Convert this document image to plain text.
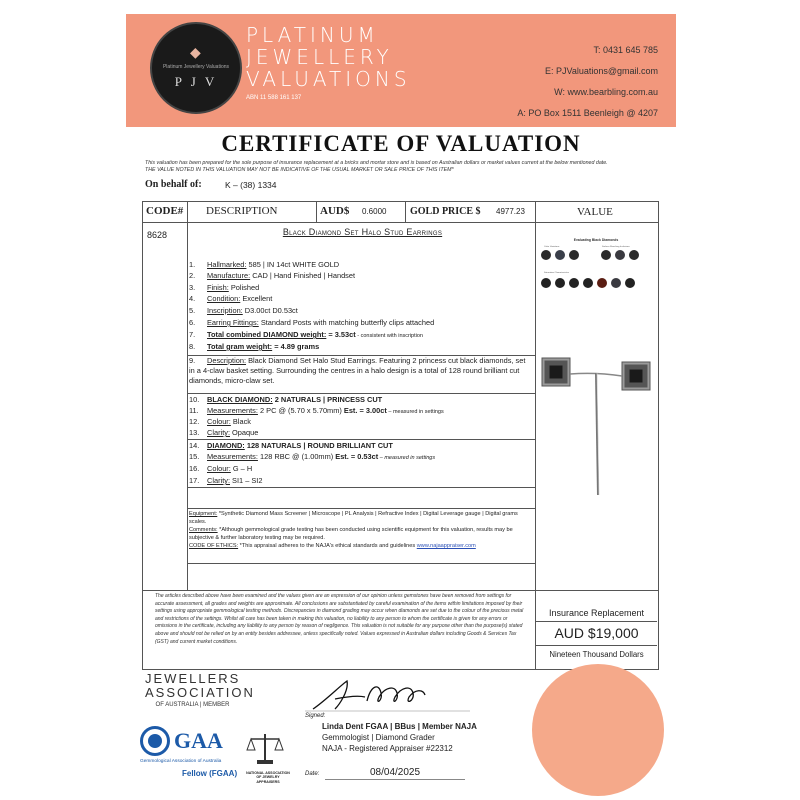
◆
Platinum Jewellery Valuations
P J V
PLATINUM
JEWELLERY
VALUATIONS
ABN 11 588 161 137
T: 0431 645 785
E: PJValuations@gmail.com
W: www.bearbling.com.au
A: PO Box 1511 Beenleigh @ 4207
CERTIFICATE OF VALUATION
This valuation has been prepared for the sole purpose of insurance replacement at a bricks and mortar store and is based on Australian dollars or market values current at the below mentioned date.
THE VALUE NOTED IN THIS VALUATION MAY NOT BE INDICATIVE OF THE USUAL MARKET OR SALE PRICE OF THIS ITEM*
On behalf of:	K – (38) 1334
CODE# DESCRIPTION	AUD$ 0.6000 GOLD PRICE $ 4977.23	VALUE
8628	Black Diamond Set Halo Stud Earrings
1. Hallmarked: 585 | IN 14ct WHITE GOLD
2. Manufacture: CAD | Hand Finished | Handset
3. Finish: Polished
4. Condition: Excellent
5. Inscription: D3.00ct D0.53ct
6. Earring Fittings: Standard Posts with matching butterfly clips attached
7. Total combined DIAMOND weight: = 3.53ct - consistent with inscription
8. Total gram weight: = 4.89 grams
9. Description: Black Diamond Set Halo Stud Earrings. Featuring 2 princess cut black diamonds, set in a 4-claw basket setting. Surrounding the centres in a halo design is a total of 128 round brilliant cut diamonds, micro-claw set.
10. BLACK DIAMOND: 2 NATURALS | PRINCESS CUT
11. Measurements: 2 PC @ (5.70 x 5.70mm) Est. = 3.00ct – measured in settings
12. Colour: Black
13. Clarity: Opaque
14. DIAMOND: 128 NATURALS | ROUND BRILLIANT CUT
15. Measurements: 128 RBC @ (1.00mm) Est. = 0.53ct – measured in settings
16. Colour: G – H
17. Clarity: SI1 – SI2
Equipment: *Synthetic Diamond Mass Screener | Microscope | PL Analysis | Refractive Index | Digital Leverage gauge | Digital grams scales.
Comments: *Although gemmological grade testing has been conducted using scientific equipment for this valuation, results may be subjective & further laboratory testing may be required.
CODE OF ETHICS: *This appraisal adheres to the NAJA's ethical standards and guidelines www.najaappraiser.com
Evaluating Black Diamonds
Color Variations	Surface Reaching Inclusions
Saturation Characteristics
The articles described above have been examined and the values given are an expression of our opinion unless gemstones have been removed from settings for accurate assessment, all grades and weights are approximate. All conclusions are substantiated by careful examination of the items within limitations imposed by their settings using appropriate gemmological testing methods. Discrepancies in diamond grading may occur when diamonds are set due to the colour of the precious metal and restrictions of the settings. Whilst all care has been taken in making this valuation, no liability to any person to whom the certificate is given for any errors or omissions in the certificate, including any liability to any person by reason of negligence. This valuation is not suitable for any purpose other than the purpose(s) stated above and should not be relied on by an entity besides addressee, unless specifically noted. Values expressed in Australian dollars including Goods & Services Tax (GST) and current market conditions.
Insurance Replacement
AUD $19,000
Nineteen Thousand Dollars
JEWELLERS
ASSOCIATION
OF AUSTRALIA | MEMBER
GAA
Gemmological Association of Australia
Fellow (FGAA)	NATIONAL ASSOCIATION OF JEWELRY APPRAISERS
Signed:
Linda Dent FGAA | BBus | Member NAJA
Gemmologist | Diamond Grader
NAJA - Registered Appraiser #22312
Date:	08/04/2025
